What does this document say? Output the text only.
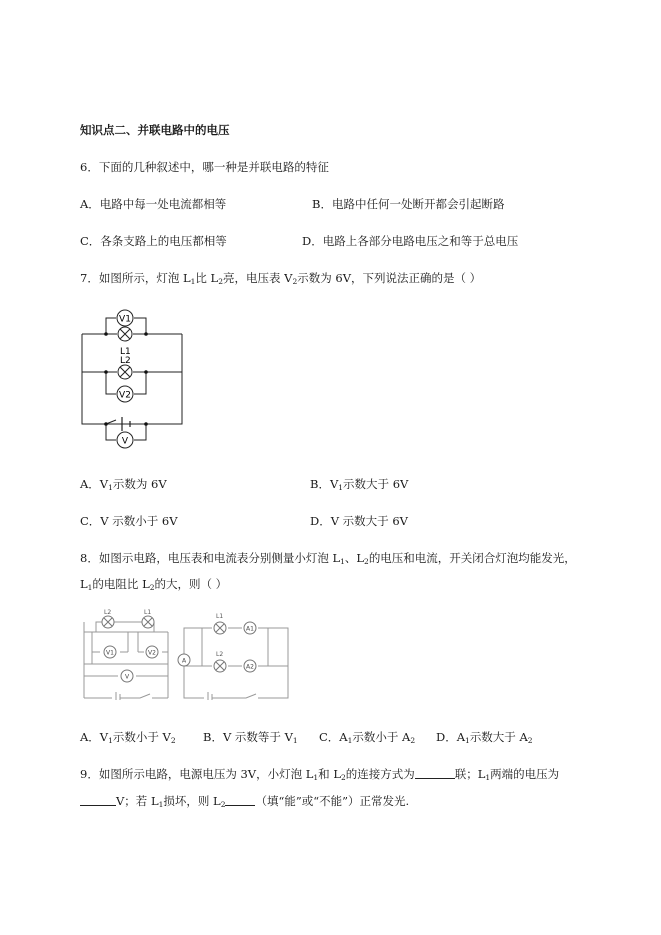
知识点二、并联电路中的电压
6．下面的几种叙述中，哪一种是并联电路的特征
A．电路中每一处电流都相等	B．电路中任何一处断开都会引起断路
C．各条支路上的电压都相等	D．电路上各部分电路电压之和等于总电压
7．如图所示，灯泡 $L_1$比 $L_2$亮，电压表 $V_2$示数为 6V，下列说法正确的是（ ）
V1
V2
V
L1
L2
A．$V_1$示数为 6V	B．$V_1$示数大于 6V
C．V 示数小于 6V	D．V 示数大于 6V
8．如图示电路，电压表和电流表分别侧量小灯泡 $L_1$、$L_2$的电压和电流，开关闭合灯泡均能发光，
$L_1$的电阻比 $L_2$的大，则（ ）
L2	L1
V1	V2
V
L1
L2
A
A1
A2
A．$V_1$示数小于 $V_2$ B．V 示数等于 $V_1$ C．$A_1$示数小于 $A_2$ D．$A_1$示数大于 $A_2$
9．如图所示电路，电源电压为 3V，小灯泡 $L_1$和 $L_2$的连接方式为	联；$L_1$两端的电压为
V；若 $L_1$损坏，则 $L_2$	（填“能”或“不能”）正常发光.
